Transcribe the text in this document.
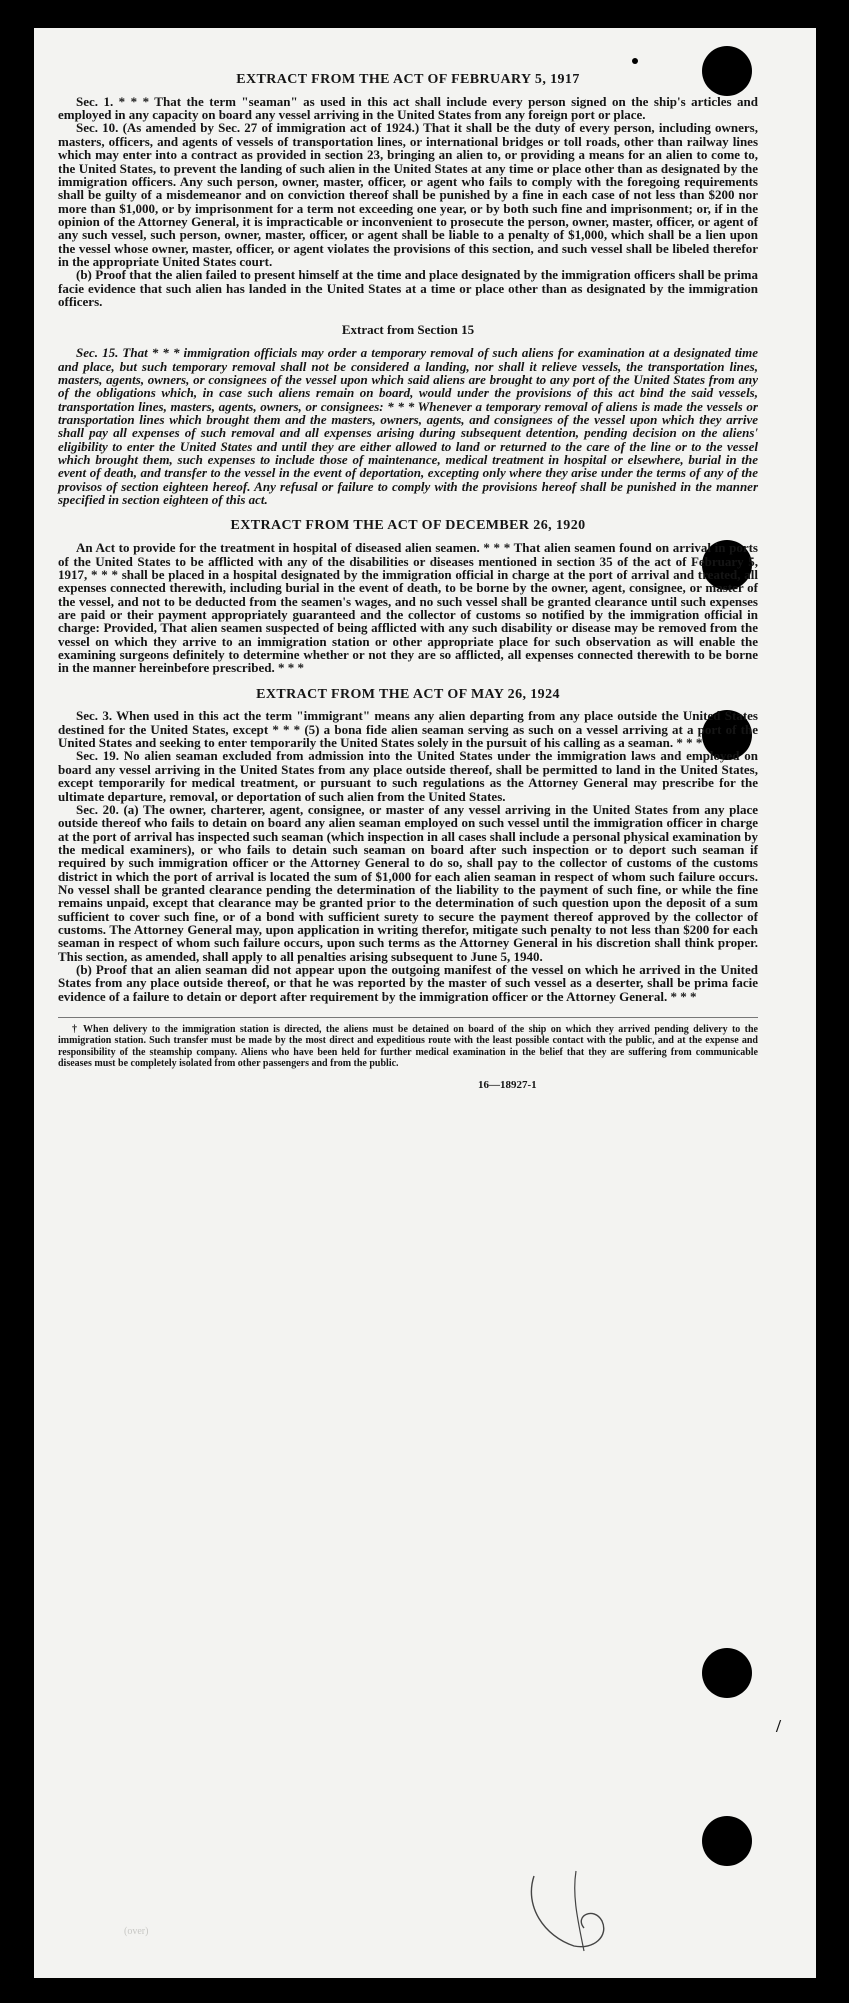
/
EXTRACT FROM THE ACT OF FEBRUARY 5, 1917

Sec. 1. * * * That the term "seaman" as used in this act shall include every person signed on the ship's articles and employed in any capacity on board any vessel arriving in the United States from any foreign port or place.

Sec. 10. (As amended by Sec. 27 of immigration act of 1924.) That it shall be the duty of every person, including owners, masters, officers, and agents of vessels of transportation lines, or international bridges or toll roads, other than railway lines which may enter into a contract as provided in section 23, bringing an alien to, or providing a means for an alien to come to, the United States, to prevent the landing of such alien in the United States at any time or place other than as designated by the immigration officers. Any such person, owner, master, officer, or agent who fails to comply with the foregoing requirements shall be guilty of a misdemeanor and on conviction thereof shall be punished by a fine in each case of not less than $200 nor more than $1,000, or by imprisonment for a term not exceeding one year, or by both such fine and imprisonment; or, if in the opinion of the Attorney General, it is impracticable or inconvenient to prosecute the person, owner, master, officer, or agent of any such vessel, such person, owner, master, officer, or agent shall be liable to a penalty of $1,000, which shall be a lien upon the vessel whose owner, master, officer, or agent violates the provisions of this section, and such vessel shall be libeled therefor in the appropriate United States court.

(b) Proof that the alien failed to present himself at the time and place designated by the immigration officers shall be prima facie evidence that such alien has landed in the United States at a time or place other than as designated by the immigration officers.

Extract from Section 15

Sec. 15. That * * * immigration officials may order a temporary removal of such aliens for examination at a designated time and place, but such temporary removal shall not be considered a landing, nor shall it relieve vessels, the transportation lines, masters, agents, owners, or consignees of the vessel upon which said aliens are brought to any port of the United States from any of the obligations which, in case such aliens remain on board, would under the provisions of this act bind the said vessels, transportation lines, masters, agents, owners, or consignees: * * * Whenever a temporary removal of aliens is made the vessels or transportation lines which brought them and the masters, owners, agents, and consignees of the vessel upon which they arrive shall pay all expenses of such removal and all expenses arising during subsequent detention, pending decision on the aliens' eligibility to enter the United States and until they are either allowed to land or returned to the care of the line or to the vessel which brought them, such expenses to include those of maintenance, medical treatment in hospital or elsewhere, burial in the event of death, and transfer to the vessel in the event of deportation, excepting only where they arise under the terms of any of the provisos of section eighteen hereof. Any refusal or failure to comply with the provisions hereof shall be punished in the manner specified in section eighteen of this act.

EXTRACT FROM THE ACT OF DECEMBER 26, 1920

An Act to provide for the treatment in hospital of diseased alien seamen. * * * That alien seamen found on arrival in ports of the United States to be afflicted with any of the disabilities or diseases mentioned in section 35 of the act of February 5, 1917, * * * shall be placed in a hospital designated by the immigration official in charge at the port of arrival and treated, all expenses connected therewith, including burial in the event of death, to be borne by the owner, agent, consignee, or master of the vessel, and not to be deducted from the seamen's wages, and no such vessel shall be granted clearance until such expenses are paid or their payment appropriately guaranteed and the collector of customs so notified by the immigration official in charge: Provided, That alien seamen suspected of being afflicted with any such disability or disease may be removed from the vessel on which they arrive to an immigration station or other appropriate place for such observation as will enable the examining surgeons definitely to determine whether or not they are so afflicted, all expenses connected therewith to be borne in the manner hereinbefore prescribed. * * *

EXTRACT FROM THE ACT OF MAY 26, 1924

Sec. 3. When used in this act the term "immigrant" means any alien departing from any place outside the United States destined for the United States, except * * * (5) a bona fide alien seaman serving as such on a vessel arriving at a port of the United States and seeking to enter temporarily the United States solely in the pursuit of his calling as a seaman. * * *

Sec. 19. No alien seaman excluded from admission into the United States under the immigration laws and employed on board any vessel arriving in the United States from any place outside thereof, shall be permitted to land in the United States, except temporarily for medical treatment, or pursuant to such regulations as the Attorney General may prescribe for the ultimate departure, removal, or deportation of such alien from the United States.

Sec. 20. (a) The owner, charterer, agent, consignee, or master of any vessel arriving in the United States from any place outside thereof who fails to detain on board any alien seaman employed on such vessel until the immigration officer in charge at the port of arrival has inspected such seaman (which inspection in all cases shall include a personal physical examination by the medical examiners), or who fails to detain such seaman on board after such inspection or to deport such seaman if required by such immigration officer or the Attorney General to do so, shall pay to the collector of customs of the customs district in which the port of arrival is located the sum of $1,000 for each alien seaman in respect of whom such failure occurs. No vessel shall be granted clearance pending the determination of the liability to the payment of such fine, or while the fine remains unpaid, except that clearance may be granted prior to the determination of such question upon the deposit of a sum sufficient to cover such fine, or of a bond with sufficient surety to secure the payment thereof approved by the collector of customs. The Attorney General may, upon application in writing therefor, mitigate such penalty to not less than $200 for each seaman in respect of whom such failure occurs, upon such terms as the Attorney General in his discretion shall think proper. This section, as amended, shall apply to all penalties arising subsequent to June 5, 1940.

(b) Proof that an alien seaman did not appear upon the outgoing manifest of the vessel on which he arrived in the United States from any place outside thereof, or that he was reported by the master of such vessel as a deserter, shall be prima facie evidence of a failure to detain or deport after requirement by the immigration officer or the Attorney General. * * *

† When delivery to the immigration station is directed, the aliens must be detained on board of the ship on which they arrived pending delivery to the immigration station. Such transfer must be made by the most direct and expeditious route with the least possible contact with the public, and at the expense and responsibility of the steamship company. Aliens who have been held for further medical examination in the belief that they are suffering from communicable diseases must be completely isolated from other passengers and from the public.
16—18927-1
(over)
